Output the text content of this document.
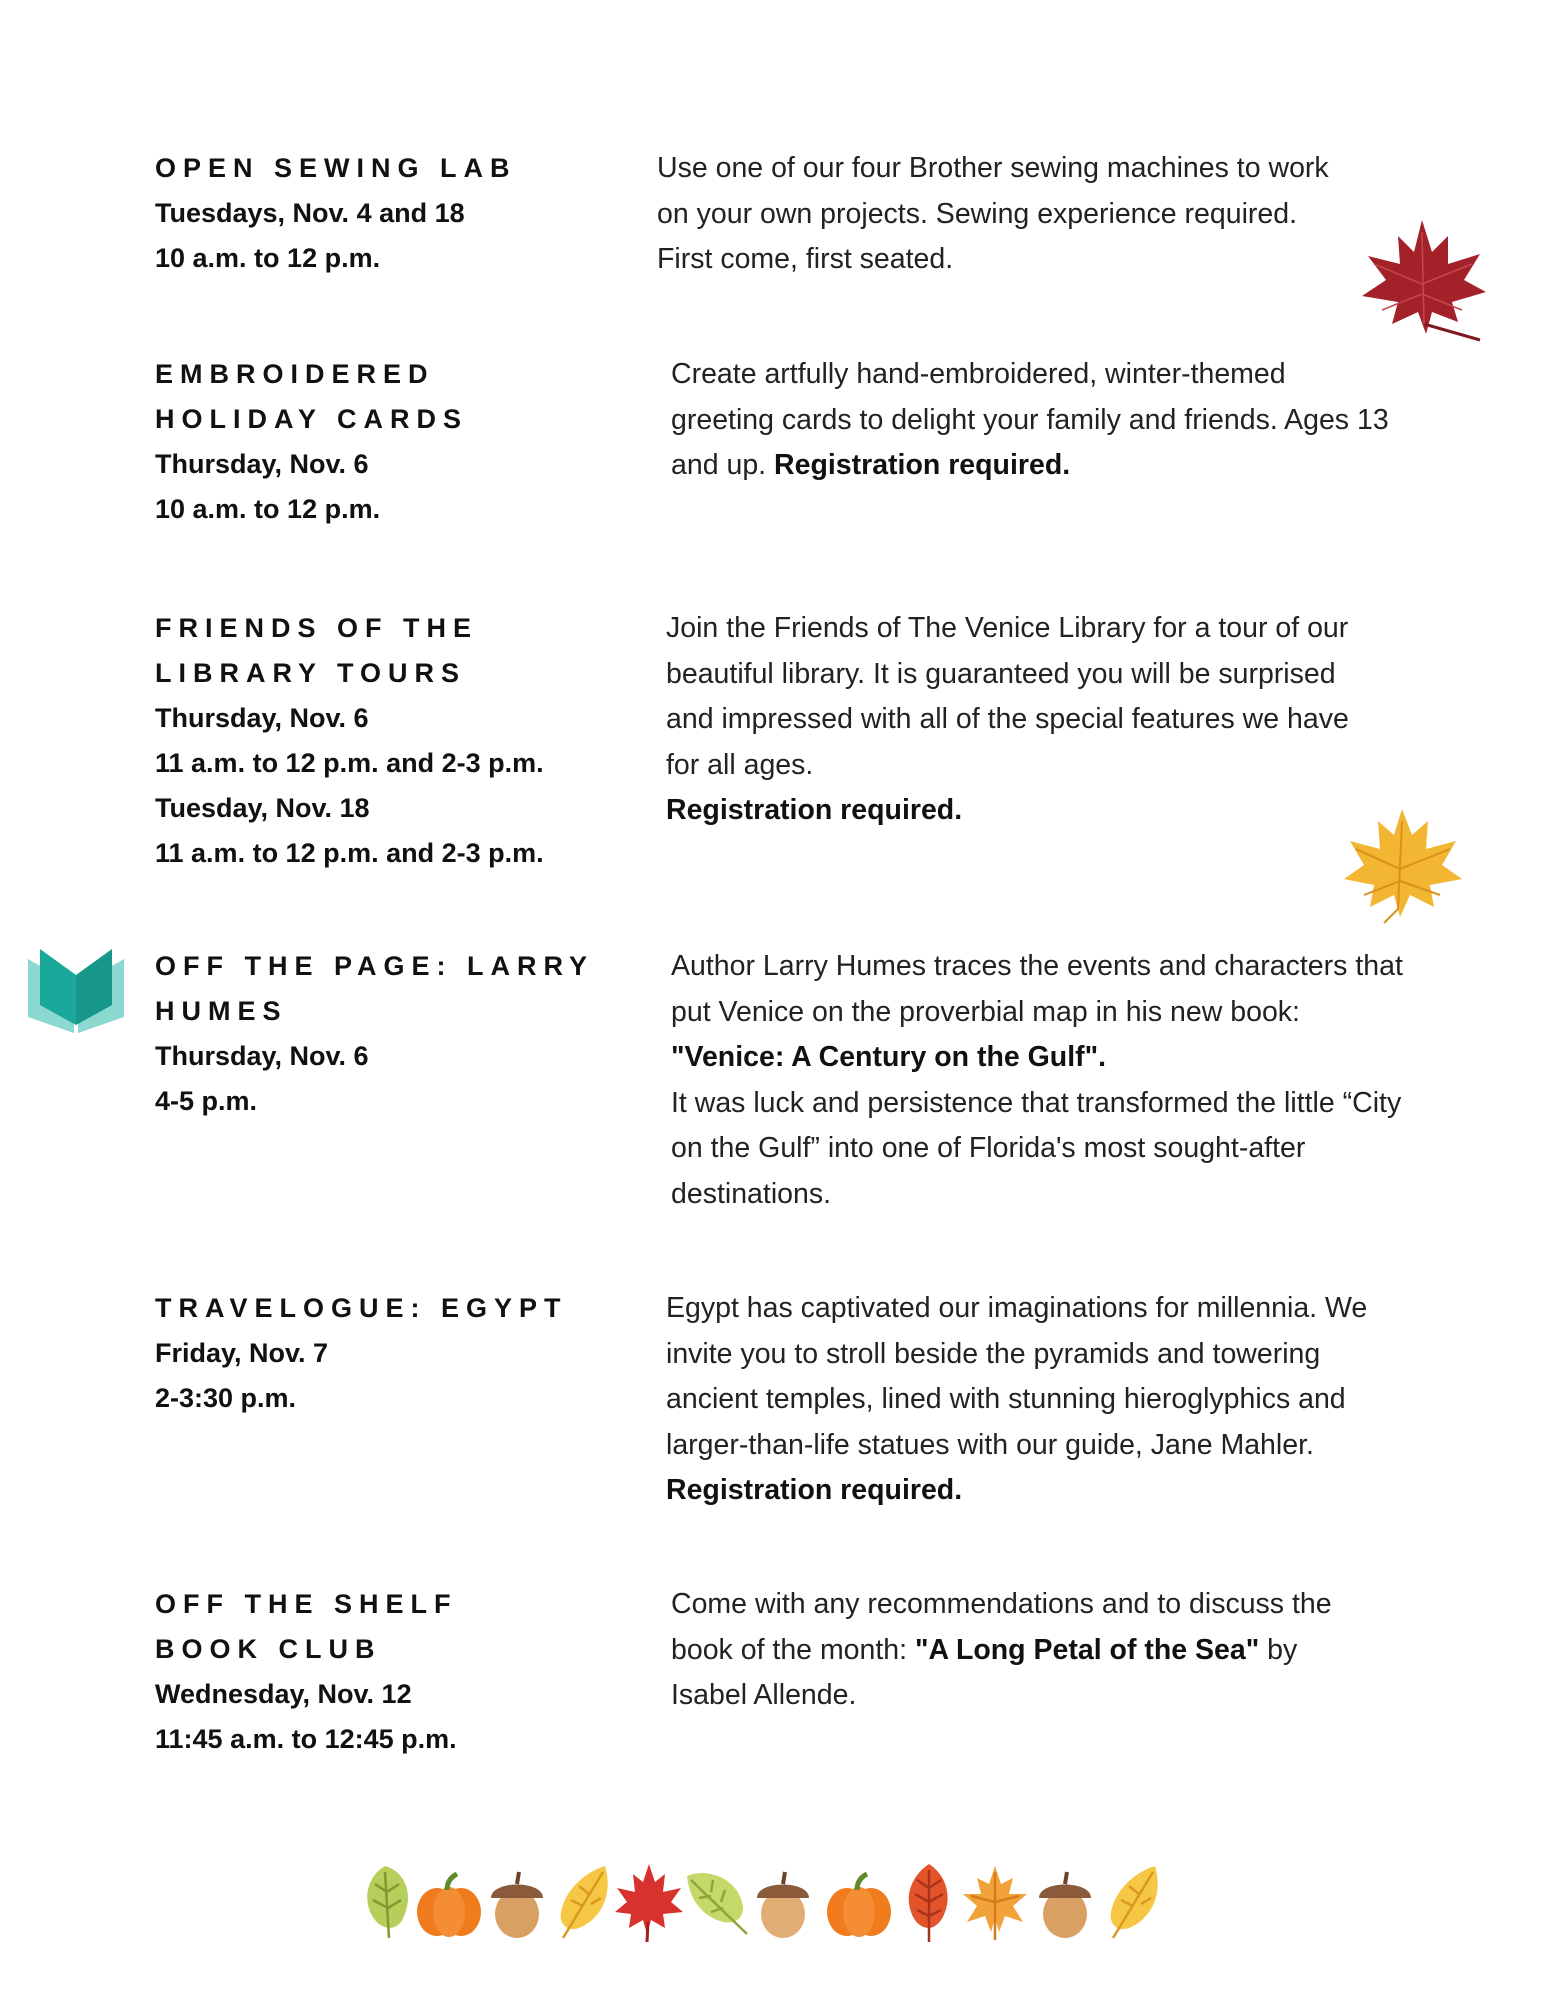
OPEN SEWING LAB

Tuesdays, Nov. 4 and 18

10 a.m. to 12 p.m.

Use one of our four Brother sewing machines to work on your own projects. Sewing experience required. First come, first seated.

EMBROIDERED HOLIDAY CARDS

Thursday, Nov. 6

10 a.m. to 12 p.m.

Create artfully hand-embroidered, winter-themed greeting cards to delight your family and friends. Ages 13 and up. Registration required.

FRIENDS OF THE LIBRARY TOURS

Thursday, Nov. 6

11 a.m. to 12 p.m. and 2-3 p.m.

Tuesday, Nov. 18

11 a.m. to 12 p.m. and 2-3 p.m.

Join the Friends of The Venice Library for a tour of our beautiful library. It is guaranteed you will be surprised and impressed with all of the special features we have for all ages.
Registration required.

OFF THE PAGE: LARRY HUMES

Thursday, Nov. 6

4-5 p.m.

Author Larry Humes traces the events and characters that put Venice on the proverbial map in his new book: "Venice: A Century on the Gulf".
It was luck and persistence that transformed the little “City on the Gulf” into one of Florida's most sought-after destinations.

TRAVELOGUE: EGYPT

Friday, Nov. 7

2-3:30 p.m.

Egypt has captivated our imaginations for millennia. We invite you to stroll beside the pyramids and towering ancient temples, lined with stunning hieroglyphics and larger-than-life statues with our guide, Jane Mahler. Registration required.

OFF THE SHELF BOOK CLUB

Wednesday, Nov. 12

11:45 a.m. to 12:45 p.m.

Come with any recommendations and to discuss the book of the month: "A Long Petal of the Sea" by Isabel Allende.
